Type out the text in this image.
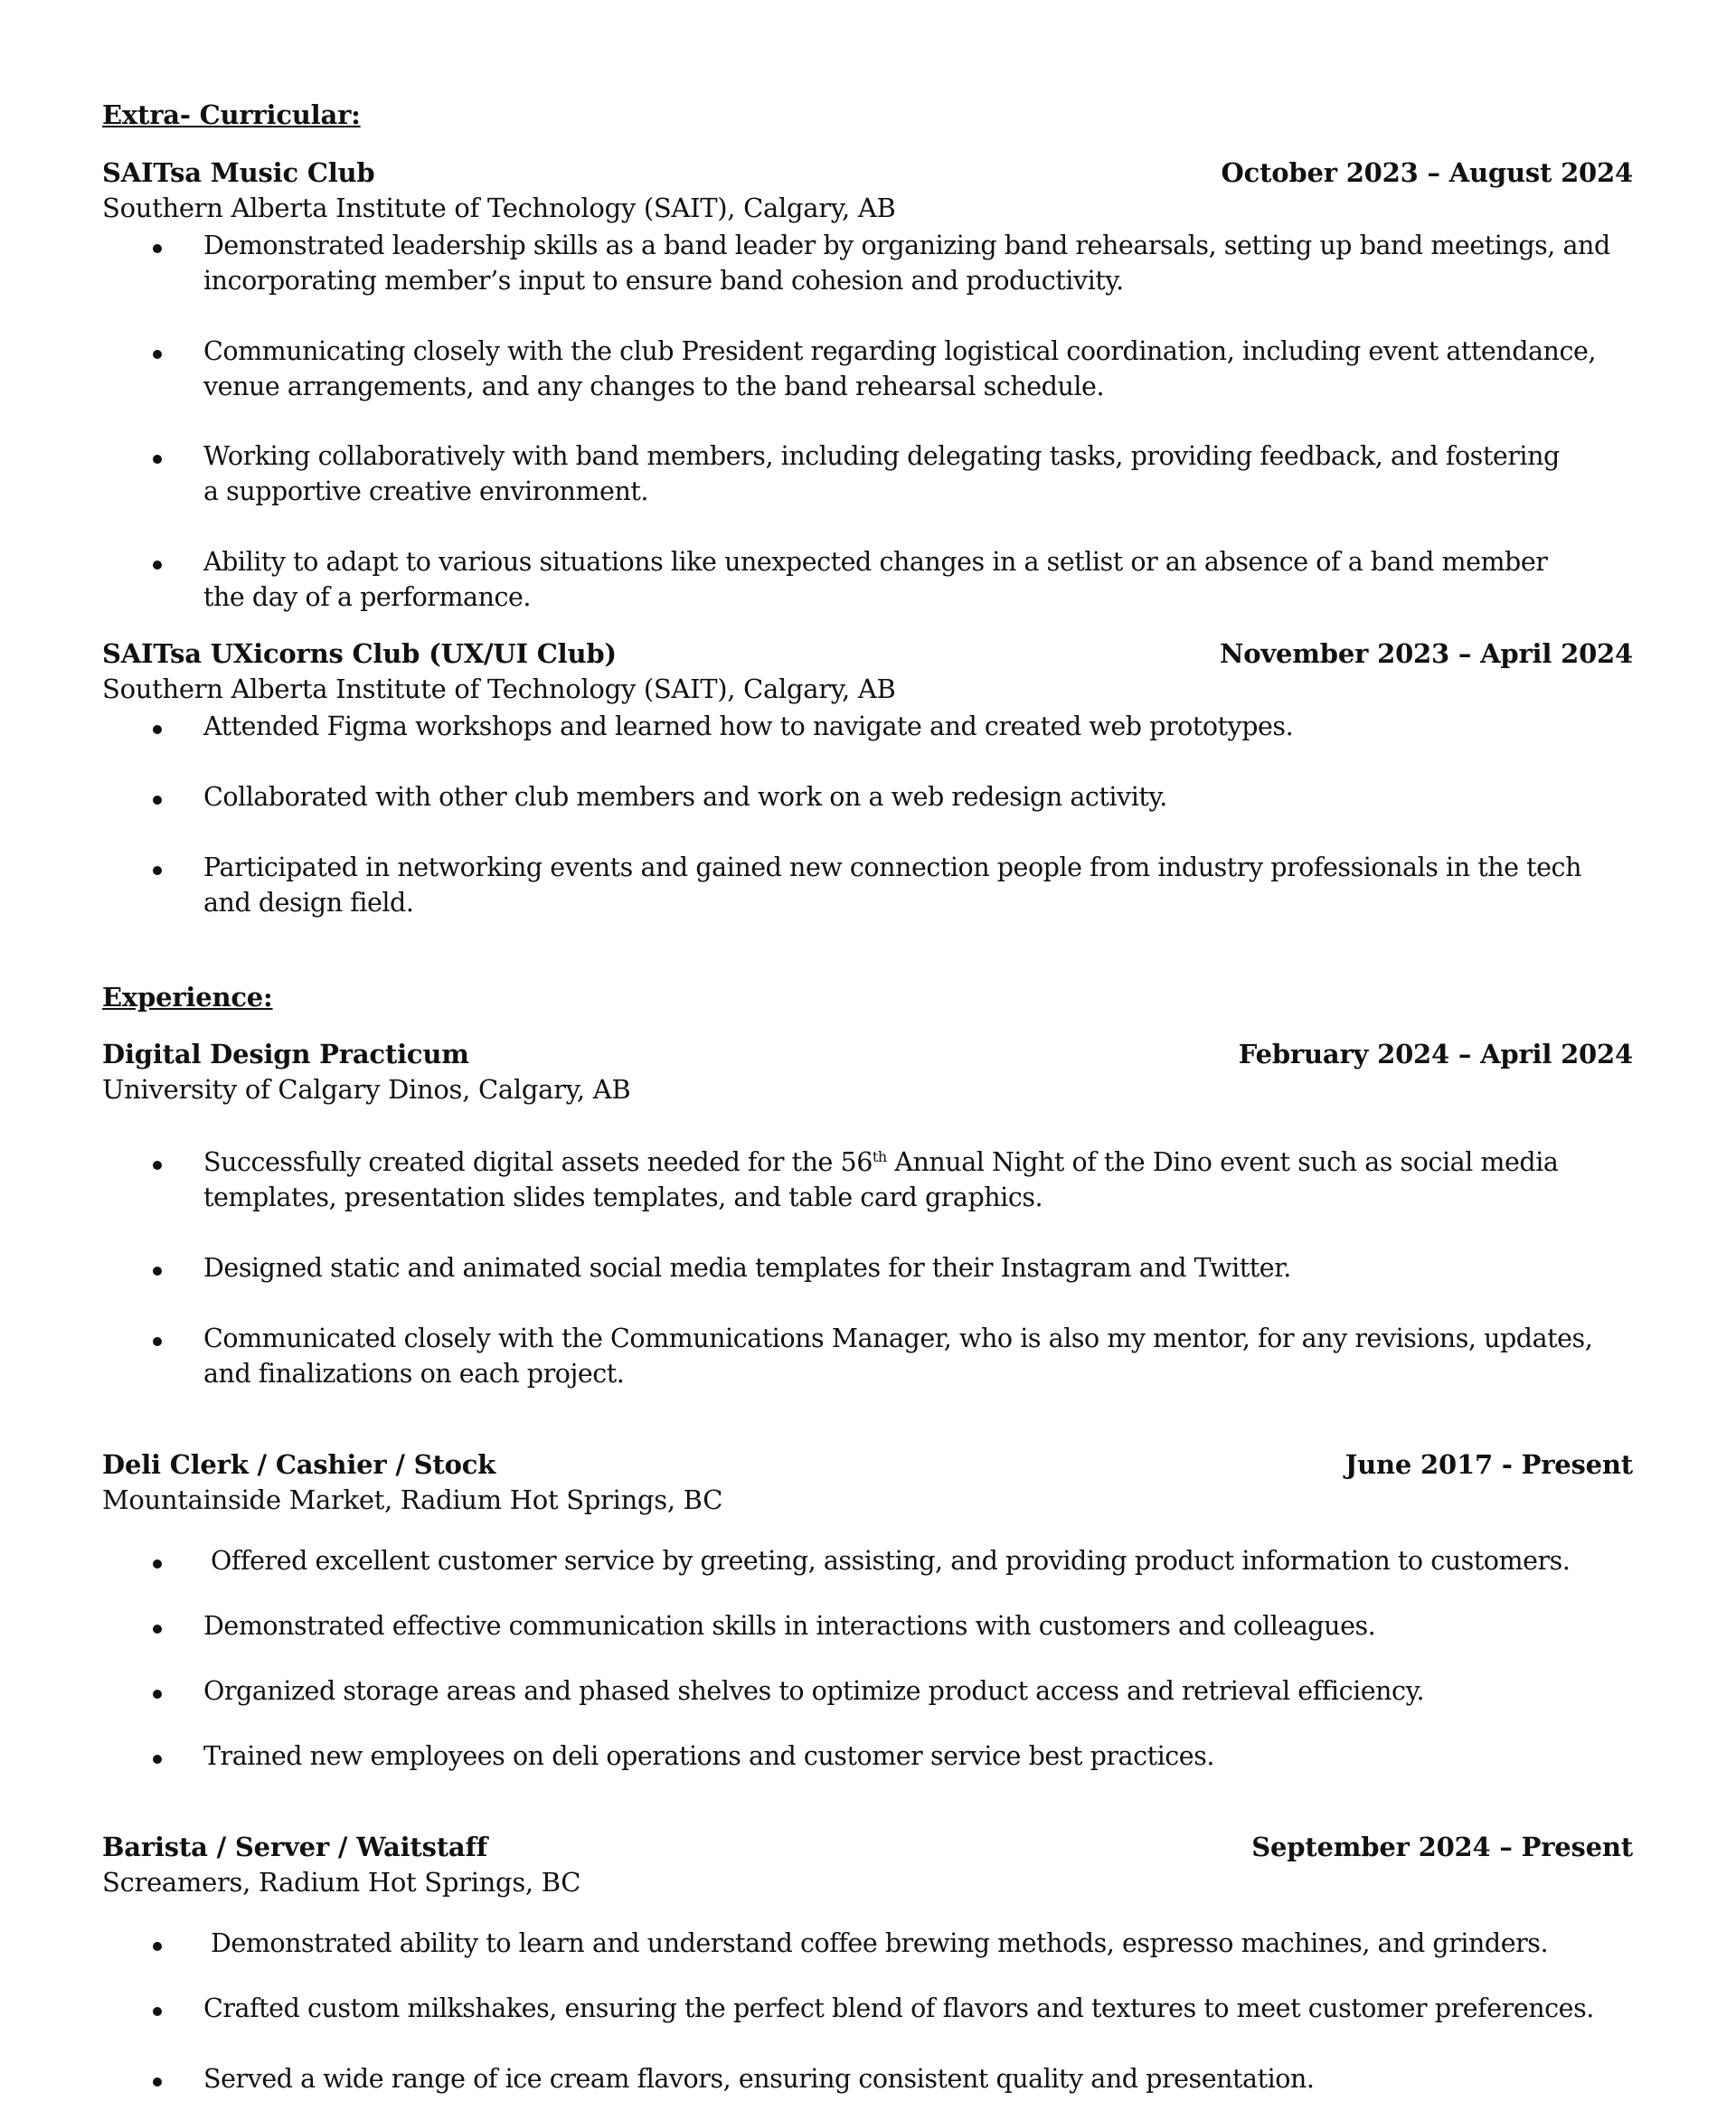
Extra- Curricular:
SAITsa Music Club	October 2023 – August 2024
Southern Alberta Institute of Technology (SAIT), Calgary, AB
Demonstrated leadership skills as a band leader by organizing band rehearsals, setting up band meetings, and incorporating member’s input to ensure band cohesion and productivity.
Communicating closely with the club President regarding logistical coordination, including event attendance, venue arrangements, and any changes to the band rehearsal schedule.
Working collaboratively with band members, including delegating tasks, providing feedback, and fostering a supportive creative environment.
Ability to adapt to various situations like unexpected changes in a setlist or an absence of a band member the day of a performance.
SAITsa UXicorns Club (UX/UI Club)	November 2023 – April 2024
Southern Alberta Institute of Technology (SAIT), Calgary, AB
Attended Figma workshops and learned how to navigate and created web prototypes.
Collaborated with other club members and work on a web redesign activity.
Participated in networking events and gained new connection people from industry professionals in the tech and design field.
Experience:
Digital Design Practicum	February 2024 – April 2024
University of Calgary Dinos, Calgary, AB
Successfully created digital assets needed for the 56th Annual Night of the Dino event such as social media templates, presentation slides templates, and table card graphics.
Designed static and animated social media templates for their Instagram and Twitter.
Communicated closely with the Communications Manager, who is also my mentor, for any revisions, updates, and finalizations on each project.
Deli Clerk / Cashier / Stock	June 2017 - Present
Mountainside Market, Radium Hot Springs, BC
Offered excellent customer service by greeting, assisting, and providing product information to customers.
Demonstrated effective communication skills in interactions with customers and colleagues.
Organized storage areas and phased shelves to optimize product access and retrieval efficiency.
Trained new employees on deli operations and customer service best practices.
Barista / Server / Waitstaff	September 2024 – Present
Screamers, Radium Hot Springs, BC
Demonstrated ability to learn and understand coffee brewing methods, espresso machines, and grinders.
Crafted custom milkshakes, ensuring the perfect blend of flavors and textures to meet customer preferences.
Served a wide range of ice cream flavors, ensuring consistent quality and presentation.
